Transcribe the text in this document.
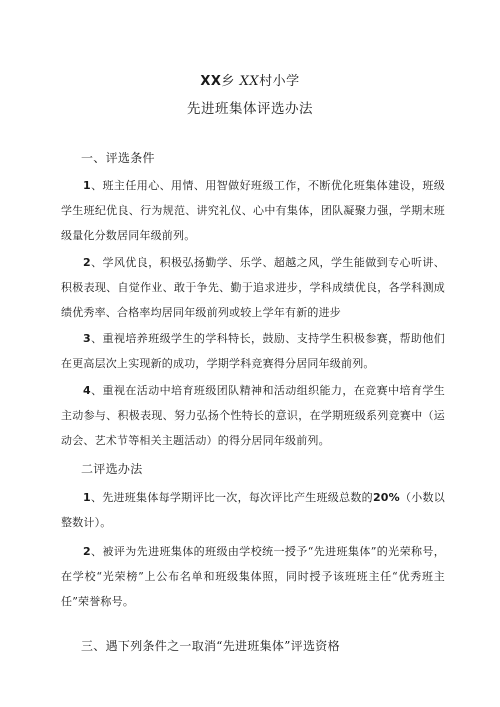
XX乡 XX村小学
先进班集体评选办法
一、评选条件
1、班主任用心、用情、用智做好班级工作，不断优化班集体建设，班级学生班纪优良、行为规范、讲究礼仪、心中有集体，团队凝聚力强，学期末班级量化分数居同年级前列。
2、学风优良，积极弘扬勤学、乐学、超越之风，学生能做到专心听讲、积极表现、自觉作业、敢于争先、勤于追求进步，学科成绩优良，各学科测成绩优秀率、合格率均居同年级前列或较上学年有新的进步
3、重视培养班级学生的学科特长，鼓励、支持学生积极参赛，帮助他们在更高层次上实现新的成功，学期学科竞赛得分居同年级前列。
4、重视在活动中培育班级团队精神和活动组织能力，在竞赛中培育学生主动参与、积极表现、努力弘扬个性特长的意识，在学期班级系列竞赛中（运动会、艺术节等相关主题活动）的得分居同年级前列。
二评选办法
1、先进班集体每学期评比一次，每次评比产生班级总数的20%（小数以整数计）。
2、被评为先进班集体的班级由学校统一授予“先进班集体”的光荣称号，在学校“光荣榜”上公布名单和班级集体照，同时授予该班班主任“优秀班主任”荣誉称号。
三、遇下列条件之一取消“先进班集体”评选资格
